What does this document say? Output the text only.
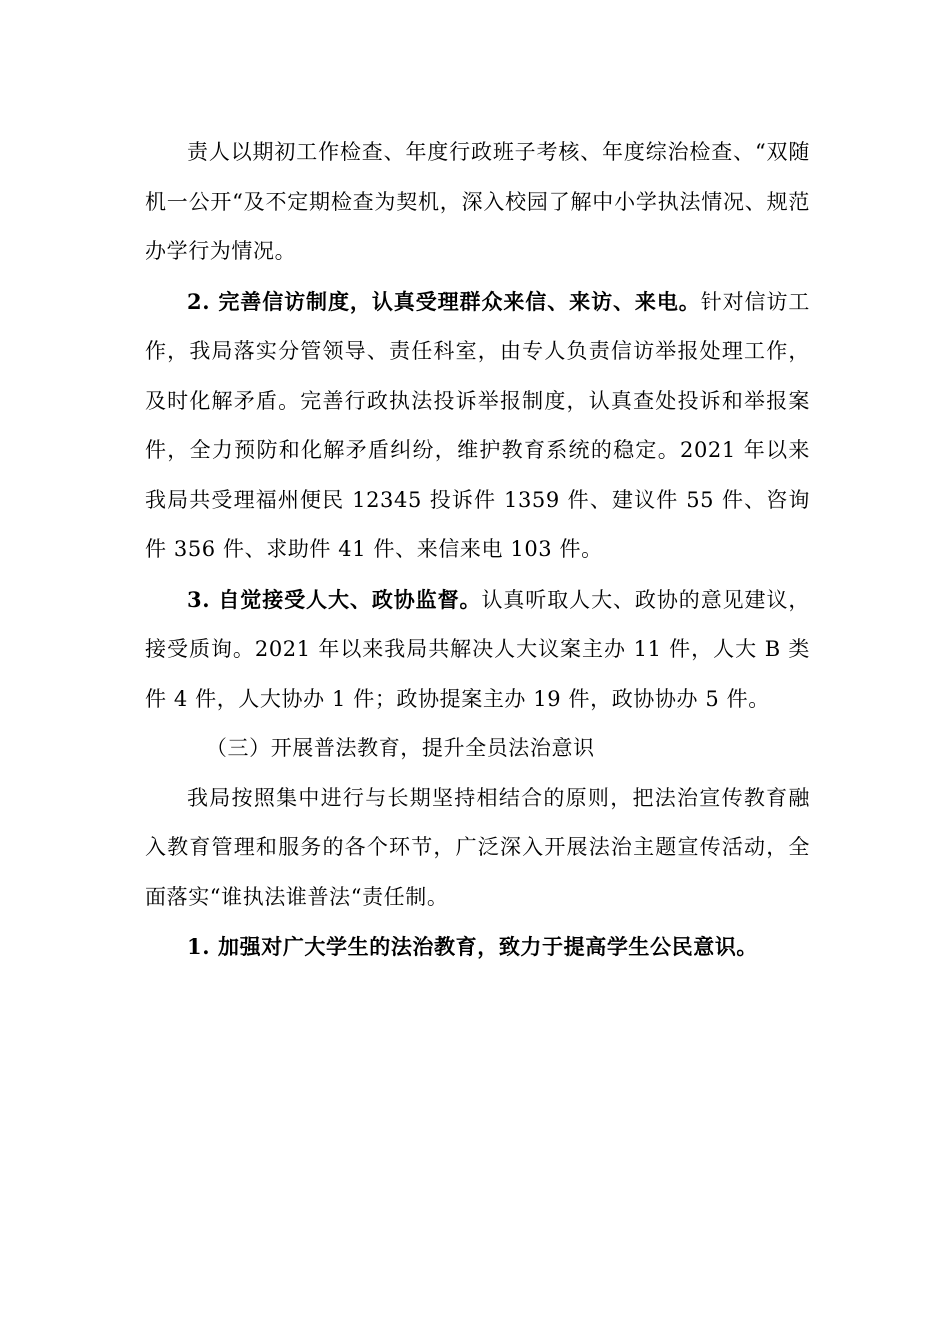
责人以期初工作检查、年度行政班子考核、年度综治检查、“双随机一公开“及不定期检查为契机，深入校园了解中小学执法情况、规范办学行为情况。

2. 完善信访制度，认真受理群众来信、来访、来电。针对信访工作，我局落实分管领导、责任科室，由专人负责信访举报处理工作，及时化解矛盾。完善行政执法投诉举报制度，认真查处投诉和举报案件，全力预防和化解矛盾纠纷，维护教育系统的稳定。2021 年以来我局共受理福州便民 12345 投诉件 1359 件、建议件 55 件、咨询件 356 件、求助件 41 件、来信来电 103 件。

3. 自觉接受人大、政协监督。认真听取人大、政协的意见建议，接受质询。2021 年以来我局共解决人大议案主办 11 件，人大 B 类件 4 件，人大协办 1 件；政协提案主办 19 件，政协协办 5 件。

（三）开展普法教育，提升全员法治意识

我局按照集中进行与长期坚持相结合的原则，把法治宣传教育融入教育管理和服务的各个环节，广泛深入开展法治主题宣传活动，全面落实“谁执法谁普法“责任制。

1. 加强对广大学生的法治教育，致力于提高学生公民意识。
